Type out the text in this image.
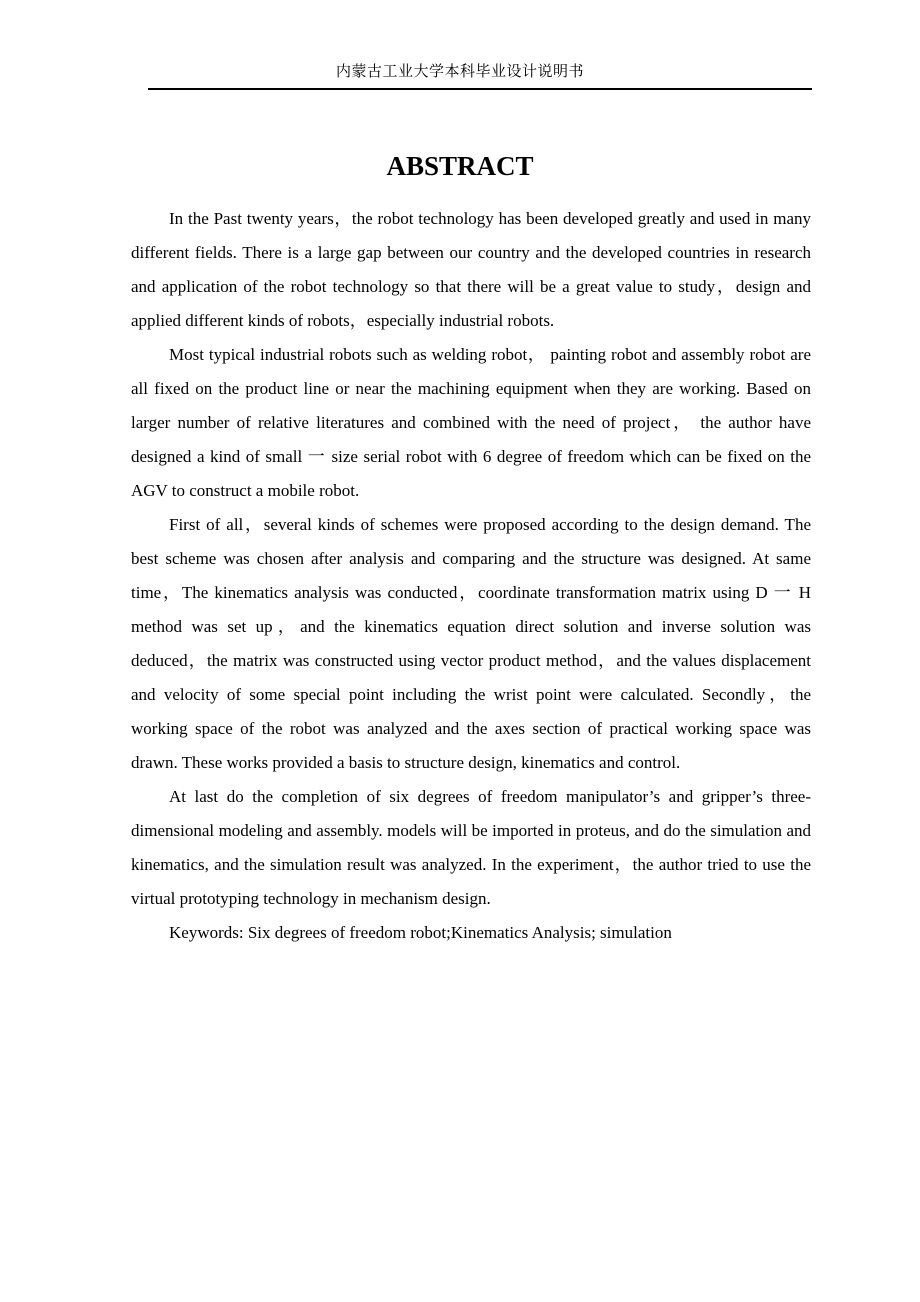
内蒙古工业大学本科毕业设计说明书
ABSTRACT

In the Past twenty years，the robot technology has been developed greatly and used in many different fields. There is a large gap between our country and the developed countries in research and application of the robot technology so that there will be a great value to study，design and applied different kinds of robots，especially industrial robots.

Most typical industrial robots such as welding robot， painting robot and assembly robot are all fixed on the product line or near the machining equipment when they are working. Based on larger number of relative literatures and combined with the need of project， the author have designed a kind of small 一 size serial robot with 6 degree of freedom which can be fixed on the AGV to construct a mobile robot.

First of all，several kinds of schemes were proposed according to the design demand. The best scheme was chosen after analysis and comparing and the structure was designed. At same time，The kinematics analysis was conducted，coordinate transformation matrix using D 一 H method was set up，and the kinematics equation direct solution and inverse solution was deduced，the matrix was constructed using vector product method，and the values displacement and velocity of some special point including the wrist point were calculated. Secondly，the working space of the robot was analyzed and the axes section of practical working space was drawn. These works provided a basis to structure design, kinematics and control.

At last do the completion of six degrees of freedom manipulator’s and gripper’s three-dimensional modeling and assembly. models will be imported in proteus, and do the simulation and kinematics, and the simulation result was analyzed. In the experiment，the author tried to use the virtual prototyping technology in mechanism design.

Keywords: Six degrees of freedom robot;Kinematics Analysis; simulation
